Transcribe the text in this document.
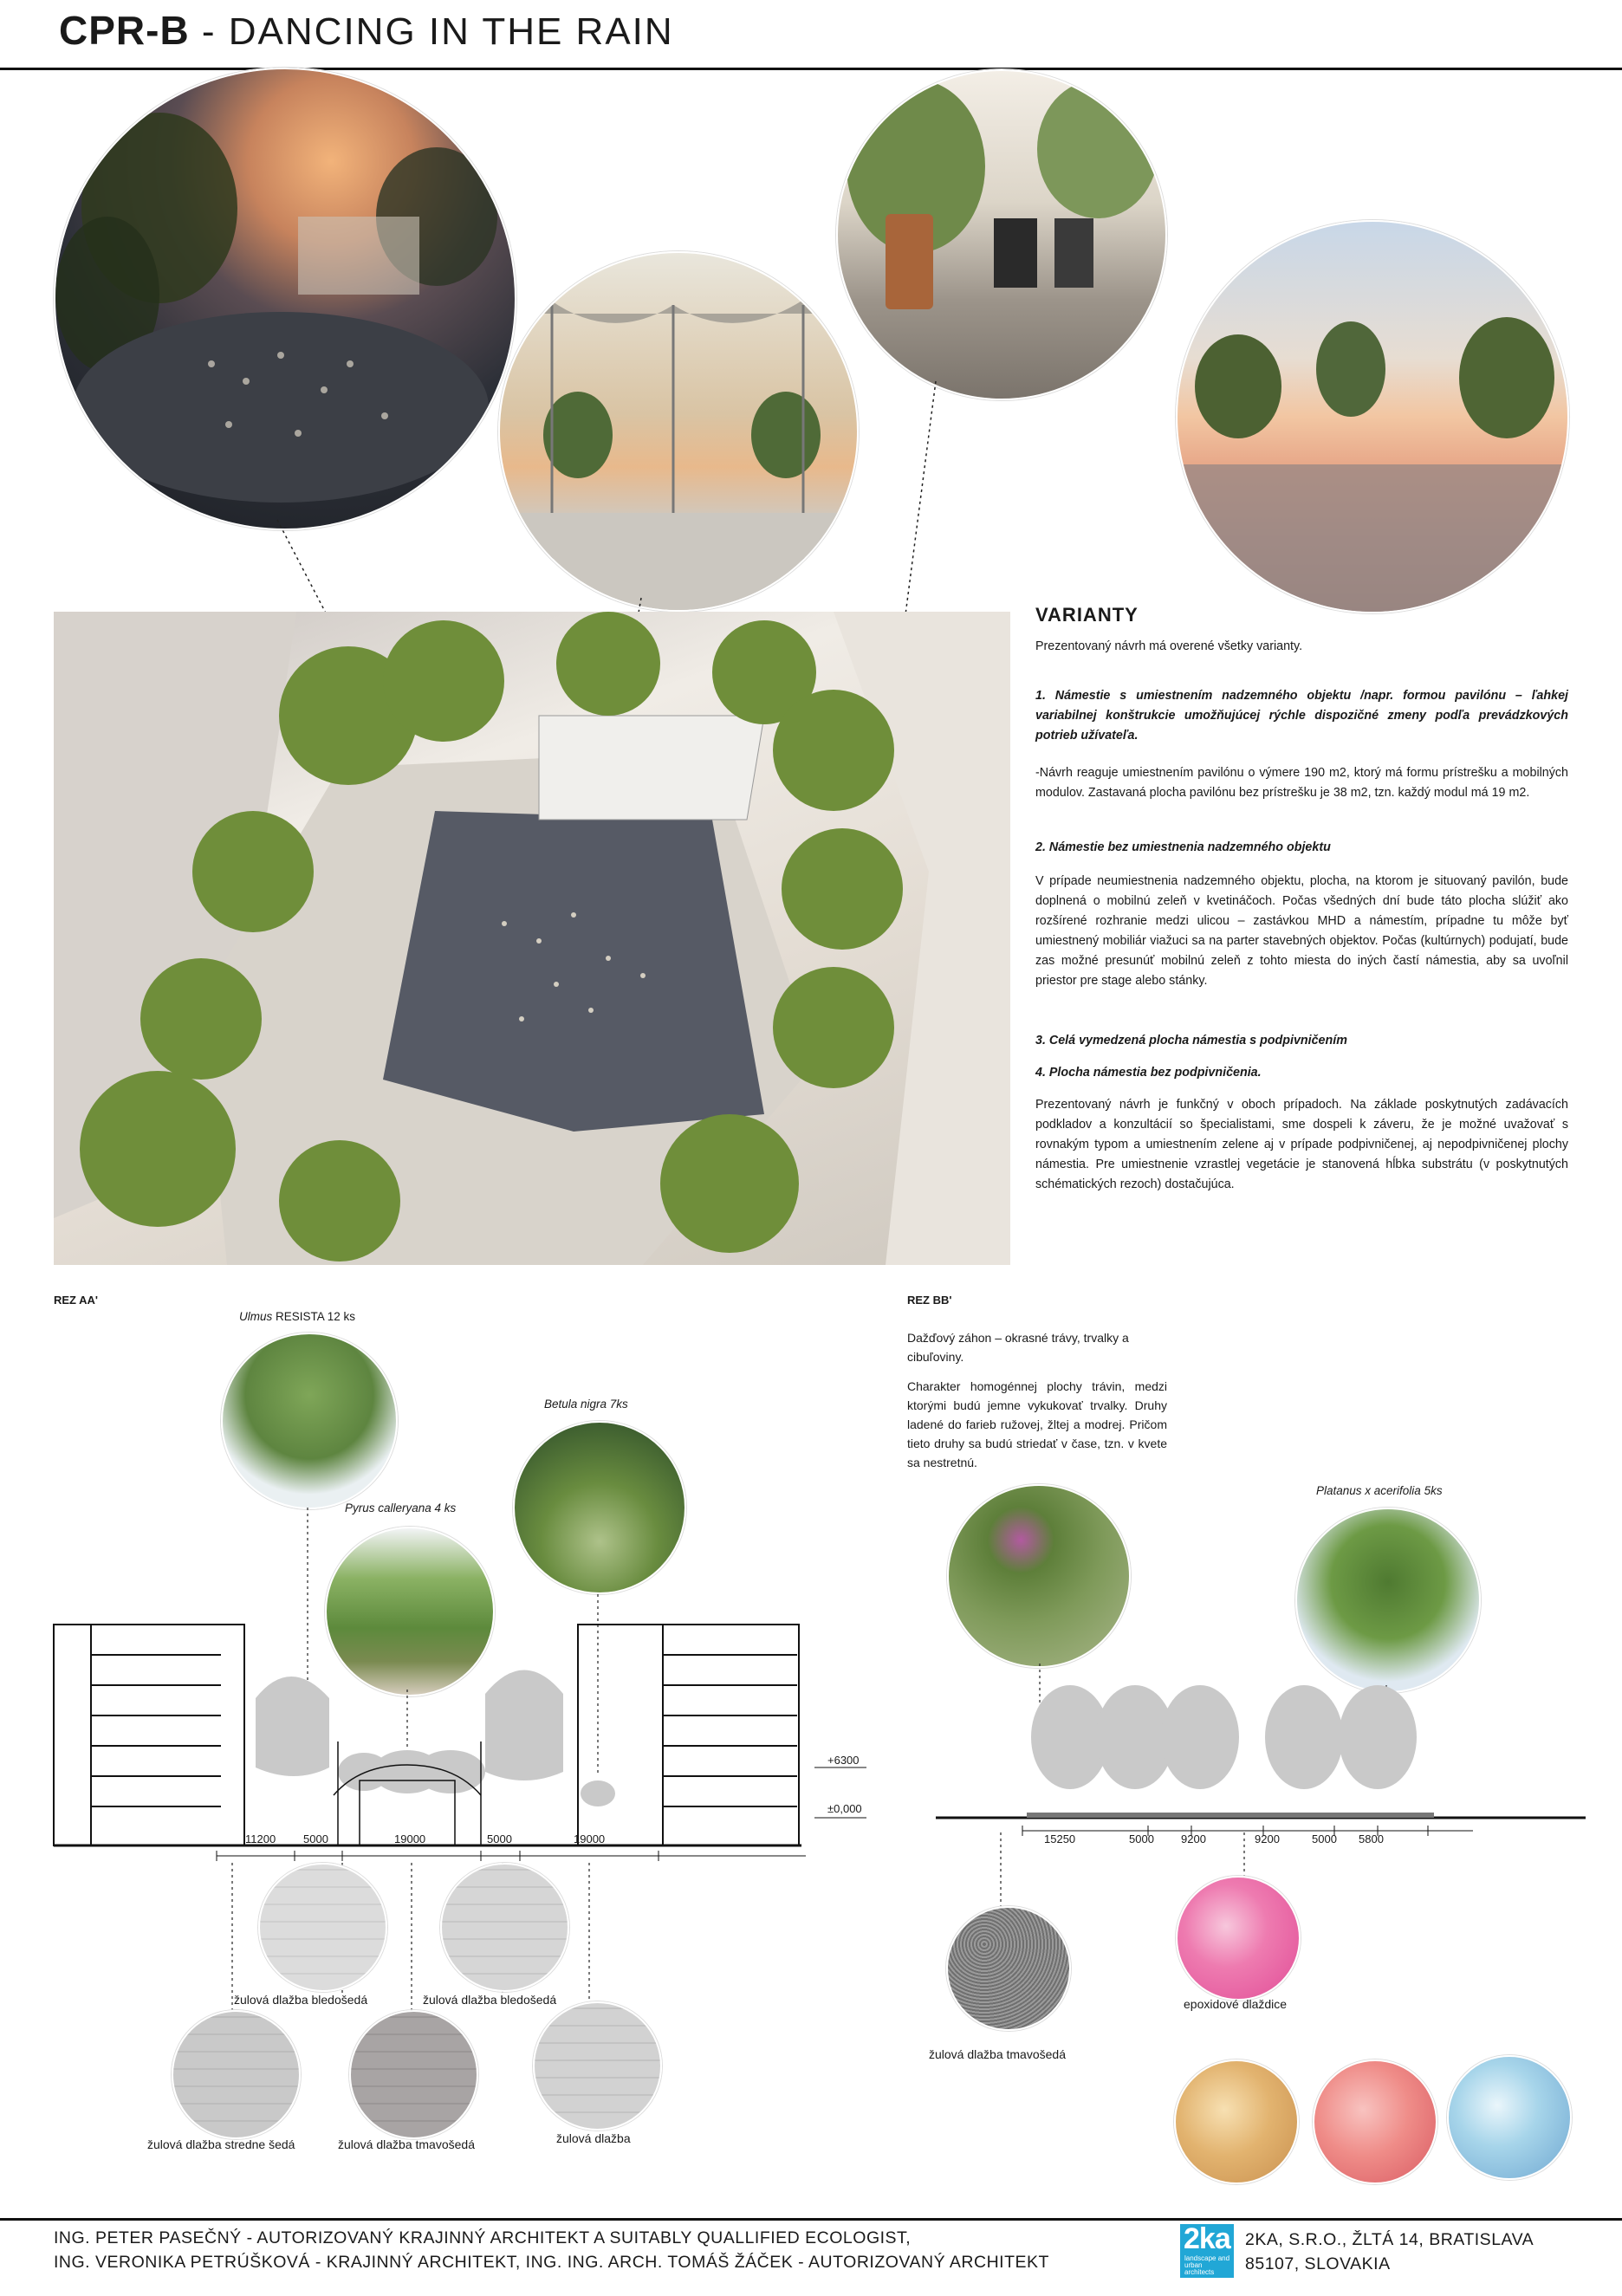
CPR-B - DANCING IN THE RAIN
VARIANTY

Prezentovaný návrh má overené všetky varianty.

1. Námestie s umiestnením nadzemného objektu /napr. formou pavilónu – ľahkej variabilnej konštrukcie umožňujúcej rýchle dispozičné zmeny podľa prevádzkových potrieb užívateľa.

-Návrh reaguje umiestnením pavilónu o výmere 190 m2, ktorý má formu prístrešku a mobilných modulov. Zastavaná plocha pavilónu bez prístrešku je 38 m2, tzn. každý modul má 19 m2.

2. Námestie bez umiestnenia nadzemného objektu

V prípade neumiestnenia nadzemného objektu, plocha, na ktorom je situovaný pavilón, bude doplnená o mobilnú zeleň v kvetináčoch. Počas všedných dní bude táto plocha slúžiť ako rozšírené rozhranie medzi ulicou – zastávkou MHD a námestím, prípadne tu môže byť umiestnený mobiliár viažuci sa na parter stavebných objektov. Počas (kultúrnych) podujatí, bude zas možné presunúť mobilnú zeleň z tohto miesta do iných častí námestia, aby sa uvoľnil priestor pre stage alebo stánky.

3. Celá vymedzená plocha námestia s podpivničením

4. Plocha námestia bez podpivničenia.

Prezentovaný návrh je funkčný v oboch prípadoch. Na základe poskytnutých zadávacích podkladov a konzultácií so špecialistami, sme dospeli k záveru, že je možné uvažovať s rovnakým typom a umiestnením zelene aj v prípade podpivničenej, aj nepodpivničenej plochy námestia. Pre umiestnenie vzrastlej vegetácie je stanovená hĺbka substrátu (v poskytnutých schématických rezoch) dostačujúca.

REZ AA'
Ulmus RESISTA 12 ks
Pyrus calleryana 4 ks
Betula nigra 7ks
+6300
±0,000
11200 5000	19000	5000	19000
žulová dlažba bledošedá	žulová dlažba bledošedá
žulová dlažba stredne šedá	žulová dlažba tmavošedá	žulová dlažba
REZ BB'

Dažďový záhon – okrasné trávy, trvalky a cibuľoviny.

Charakter homogénnej plochy trávin, medzi ktorými budú jemne vykukovať trvalky. Druhy ladené do farieb ružovej, žltej a modrej. Pričom tieto druhy sa budú striedať v čase, tzn. v kvete sa nestretnú.

Platanus x acerifolia 5ks
15250	5000 9200	9200	5000 5800
žulová dlažba tmavošedá
epoxidové dlaždice
ING. PETER PASEČNÝ - AUTORIZOVANÝ KRAJINNÝ ARCHITEKT A SUITABLY QUALLIFIED ECOLOGIST,
ING. VERONIKA PETRÚŠKOVÁ - KRAJINNÝ ARCHITEKT, ING. ING. ARCH. TOMÁŠ ŽÁČEK - AUTORIZOVANÝ ARCHITEKT
2ka
landscape and urban architects
2KA, S.R.O., ŽLTÁ 14, BRATISLAVA
85107, SLOVAKIA
